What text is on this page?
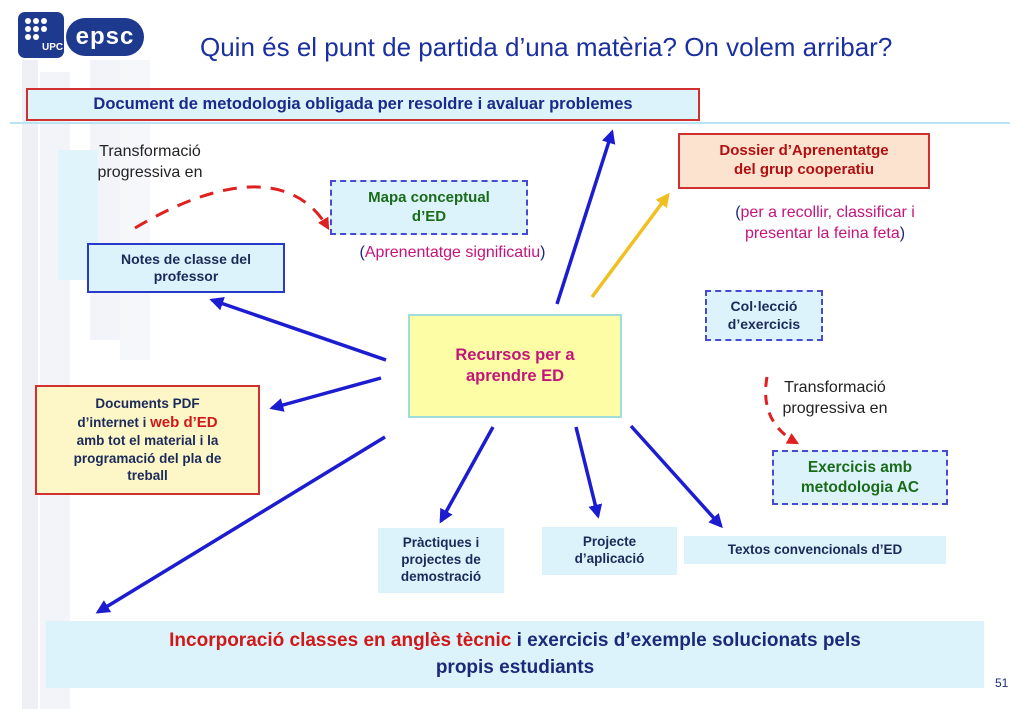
UPC epsc	Quin és el punt de partida d’una matèria? On volem arribar?
Document de metodologia obligada per resoldre i avaluar problemes
Transformació
progressiva en
Mapa conceptual
d’ED
(Aprenentatge significatiu)
Notes de classe del
professor
Dossier d’Aprenentatge
del grup cooperatiu
(per a recollir, classificar i
presentar la feina feta)
Recursos per a
aprendre ED
Col·lecció
d’exercicis
Transformació
progressiva en
Exercicis amb
metodologia AC
Documents PDF
d’internet i web d’ED
amb tot el material i la
programació del pla de
treball
Pràctiques i
projectes de
demostració
Projecte
d’aplicació
Textos convencionals d’ED
Incorporació classes en anglès tècnic i exercicis d’exemple solucionats pels
propis estudiants
51
